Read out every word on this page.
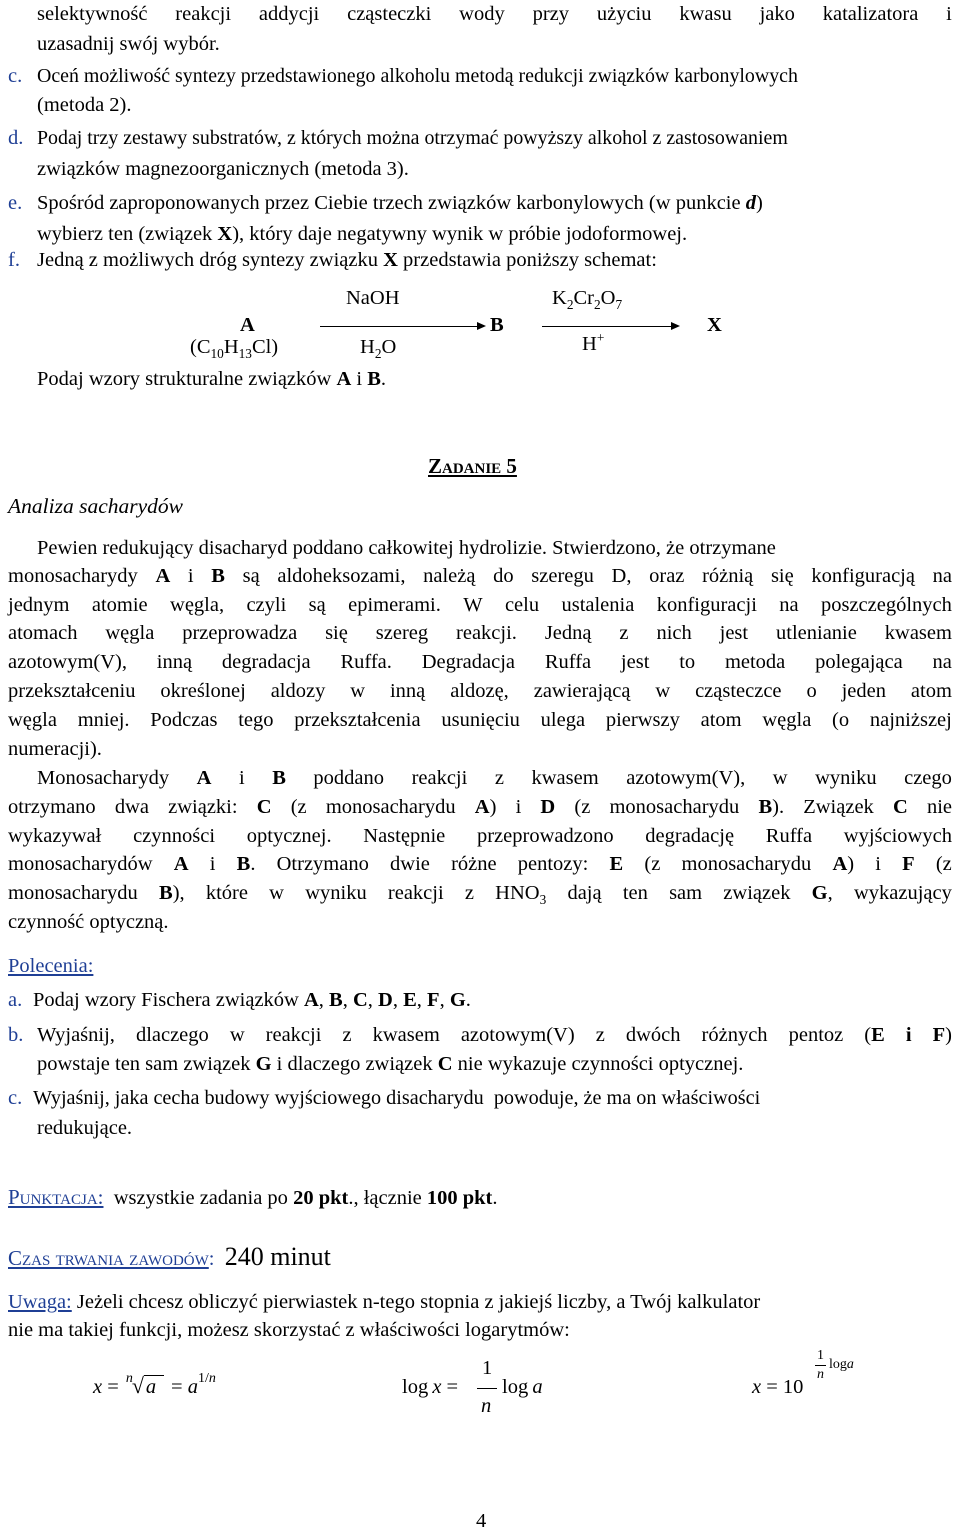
selektywność reakcji addycji cząsteczki wody przy użyciu kwasu jako katalizatora i
uzasadnij swój wybór.
c. Oceń możliwość syntezy przedstawionego alkoholu metodą redukcji związków karbonylowych
(metoda 2).
d. Podaj trzy zestawy substratów, z których można otrzymać powyższy alkohol z zastosowaniem
związków magnezoorganicznych (metoda 3).
e. Spośród zaproponowanych przez Ciebie trzech związków karbonylowych (w punkcie d)
wybierz ten (związek X), który daje negatywny wynik w próbie jodoformowej.
f. Jedną z możliwych dróg syntezy związku X przedstawia poniższy schemat:
NaOH	$K_2Cr_2O_7$
A	B	X
$(C_{10}H_{13}Cl)$	$H_2O$	H+
Podaj wzory strukturalne związków A i B.
Zadanie 5
Analiza sacharydów
Pewien redukujący disacharyd poddano całkowitej hydrolizie. Stwierdzono, że otrzymane
monosacharydy A i B są aldoheksozami, należą do szeregu D, oraz różnią się konfiguracją na
jednym atomie węgla, czyli są epimerami. W celu ustalenia konfiguracji na poszczególnych
atomach węgla przeprowadza się szereg reakcji. Jedną z nich jest utlenianie kwasem
azotowym(V), inną degradacja Ruffa. Degradacja Ruffa jest to metoda polegająca na
przekształceniu określonej aldozy w inną aldozę, zawierającą w cząsteczce o jeden atom
węgla mniej. Podczas tego przekształcenia usunięciu ulega pierwszy atom węgla (o najniższej
numeracji).
Monosacharydy A i B poddano reakcji z kwasem azotowym(V), w wyniku czego
otrzymano dwa związki: C (z monosacharydu A) i D (z monosacharydu B). Związek C nie
wykazywał czynności optycznej. Następnie przeprowadzono degradację Ruffa wyjściowych
monosacharydów A i B. Otrzymano dwie różne pentozy: E (z monosacharydu A) i F (z
monosacharydu B), które w wyniku reakcji z $HNO_3$ dają ten sam związek G, wykazujący
czynność optyczną.
Polecenia:
a. Podaj wzory Fischera związków A, B, C, D, E, F, G.
b. Wyjaśnij, dlaczego w reakcji z kwasem azotowym(V) z dwóch różnych pentoz (E i F)
powstaje ten sam związek G i dlaczego związek C nie wykazuje czynności optycznej.
c. Wyjaśnij, jaka cecha budowy wyjściowego disacharydu  powoduje, że ma on właściwości
redukujące.
Punktacja:  wszystkie zadania po 20 pkt., łącznie 100 pkt.
Czas trwania zawodów: 240 minut
Uwaga: Jeżeli chcesz obliczyć pierwiastek n-tego stopnia z jakiejś liczby, a Twój kalkulator
nie ma takiej funkcji, możesz skorzystać z właściwości logarytmów:
x = n √ $a = a^{1/n}$	log x =
1
n
log a	x = 10
1
n
loga
4
